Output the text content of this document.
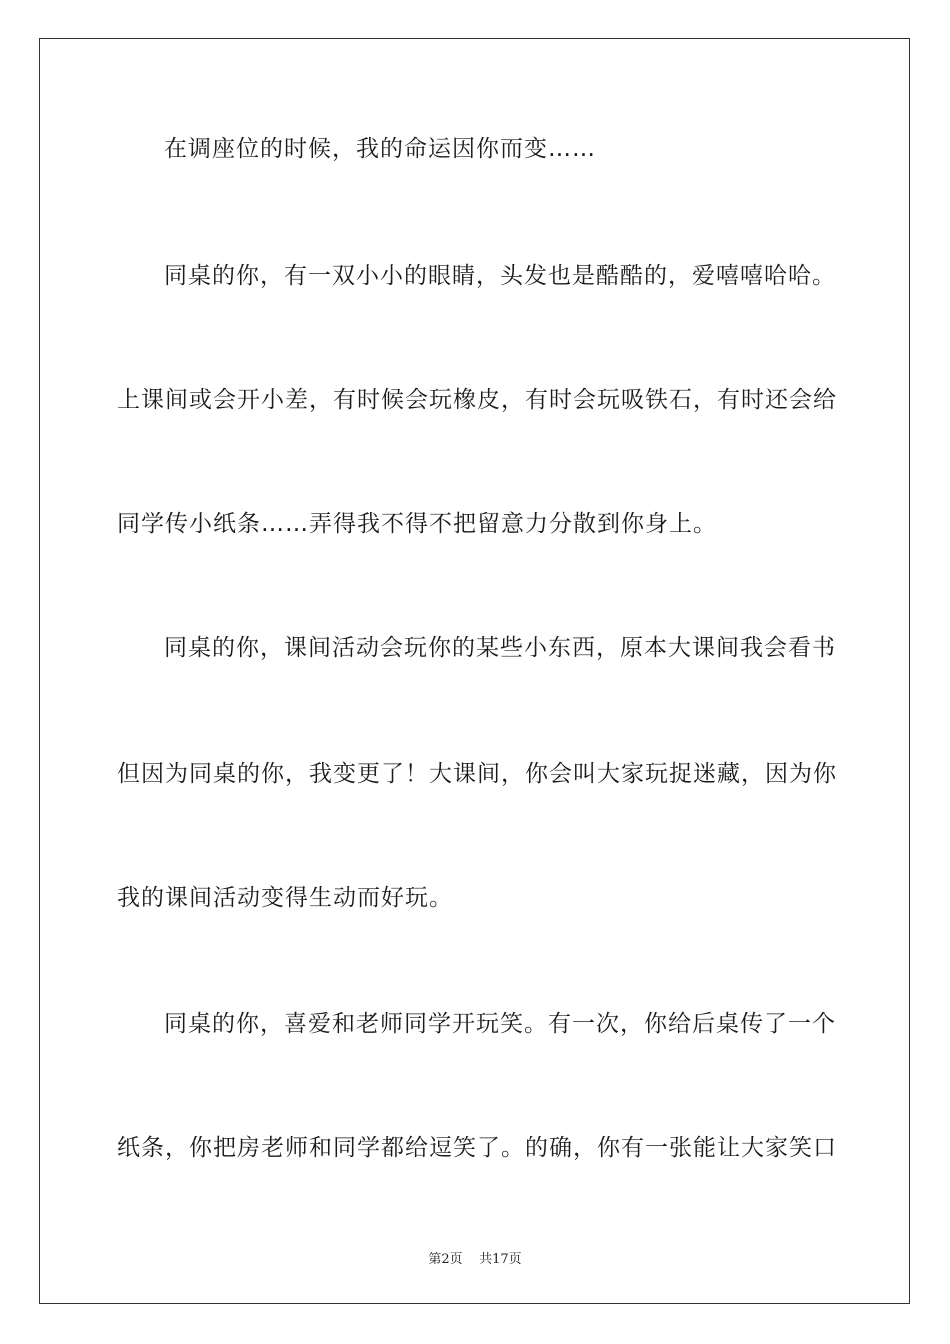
在调座位的时候，我的命运因你而变……
同桌的你，有一双小小的眼睛，头发也是酷酷的，爱嘻嘻哈哈。
上课间或会开小差，有时候会玩橡皮，有时会玩吸铁石，有时还会给
同学传小纸条……弄得我不得不把留意力分散到你身上。
同桌的你，课间活动会玩你的某些小东西，原本大课间我会看书
但因为同桌的你，我变更了！大课间，你会叫大家玩捉迷藏，因为你
我的课间活动变得生动而好玩。
同桌的你，喜爱和老师同学开玩笑。有一次，你给后桌传了一个
纸条，你把房老师和同学都给逗笑了。的确，你有一张能让大家笑口
第2页 共17页
